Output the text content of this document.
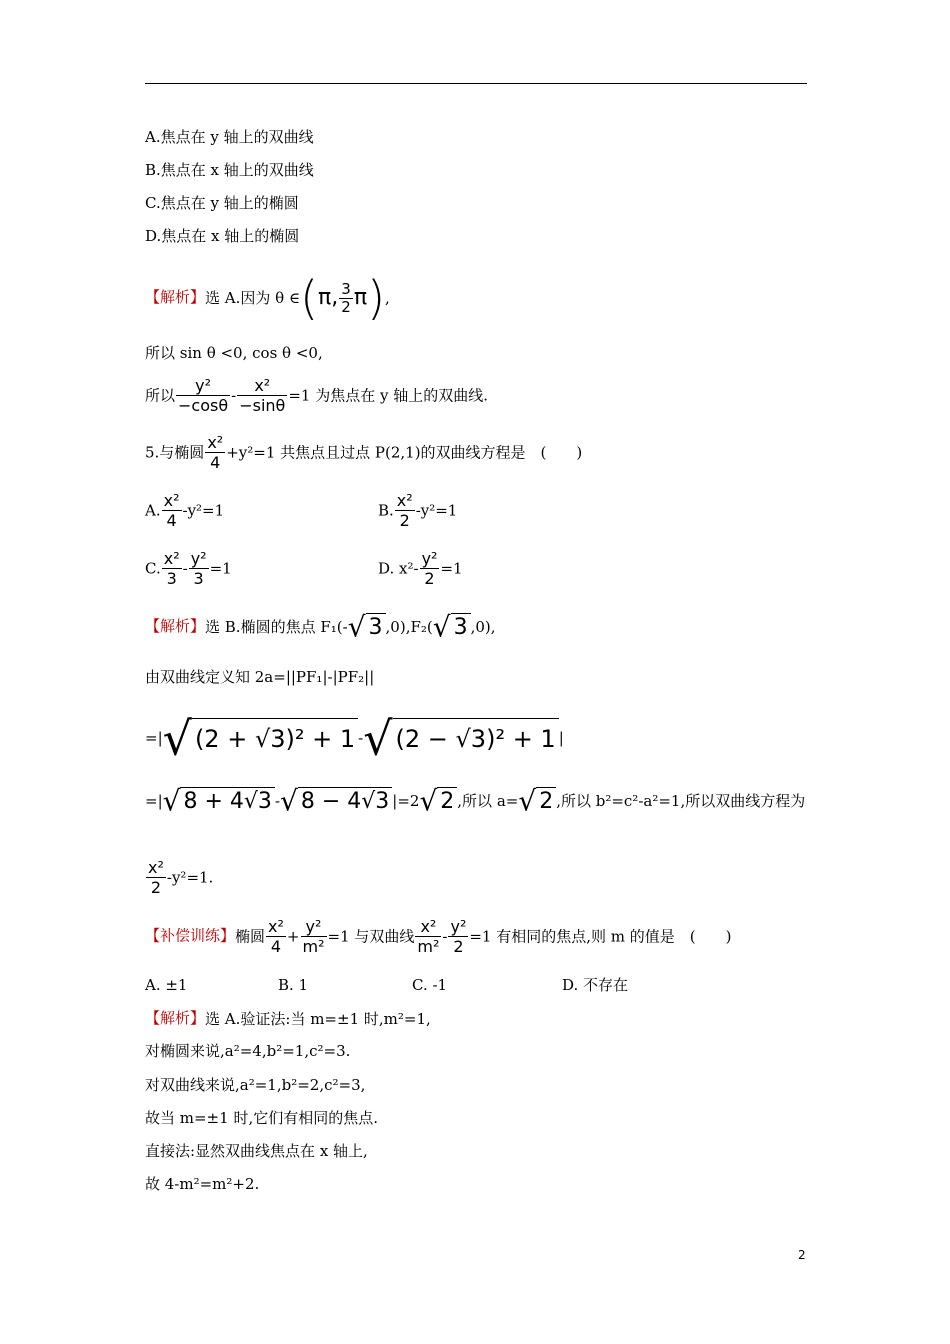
A.焦点在 y 轴上的双曲线
B.焦点在 x 轴上的双曲线
C.焦点在 y 轴上的椭圆
D.焦点在 x 轴上的椭圆
【解析】选 A.因为 θ ∈(π, $\frac{3}{2} \pi$),
所以 sin θ <0, cos θ <0,
所以 $\frac{\text{y²}}{-\cos\theta} - \frac{\text{x²}}{-\sin\theta} =1$ 为焦点在 y 轴上的双曲线.
5.与椭圆 $\frac{\text{x²}}{4} +y^2=1$ 共焦点且过点 P(2,1)的双曲线方程是　(　　)
A. $\frac{\text{x²}}{4} -y^2=1$	B. $\frac{\text{x²}}{2} -y^2=1$
C. $\frac{\text{x²}}{3} - \frac{\text{y²}}{3} =1$	D. $x^2- \frac{\text{y²}}{2} =1$
【解析】选 B.椭圆的焦点 F₁(-√ 3 ,0),F₂(√ 3 ,0),
由双曲线定义知 2a=||PF₁|-|PF₂||
=|√ (2 + √3)² + 1 -√ (2 − √3)² + 1 |
=|√ 8 + 4√3 -√ 8 − 4√3 |=2√ 2 ,所以 a=√ 2 ,所以 b²=c²-a²=1,所以双曲线方程为
$\frac{\text{x²}}{2} -y^2=1$.
【补偿训练】椭圆 $\frac{\text{x²}}{4} + \frac{\text{y²}}{\text{m²}} =1$ 与双曲线 $\frac{\text{x²}}{\text{m²}} - \frac{\text{y²}}{2} =1$ 有相同的焦点,则 m 的值是　(　　)
A. ±1	B. 1	C. -1	D. 不存在
【解析】选 A.验证法:当 m=±1 时,m²=1,
对椭圆来说,a²=4,b²=1,c²=3.
对双曲线来说,a²=1,b²=2,c²=3,
故当 m=±1 时,它们有相同的焦点.
直接法:显然双曲线焦点在 x 轴上,
故 4-m²=m²+2.
2
